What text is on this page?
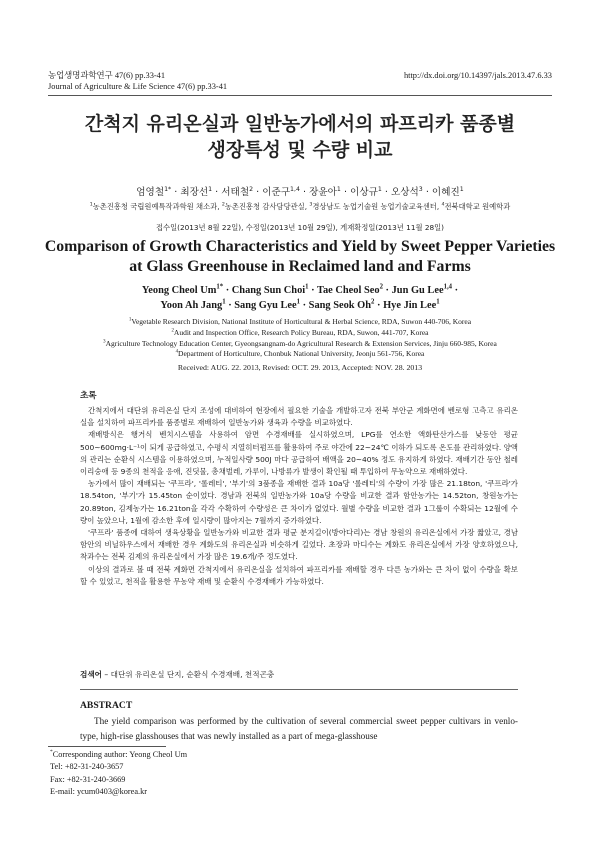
농업생명과학연구 47(6) pp.33-41	http://dx.doi.org/10.14397/jals.2013.47.6.33
Journal of Agriculture & Life Science 47(6) pp.33-41
간척지 유리온실과 일반농가에서의 파프리카 품종별
생장특성 및 수량 비교
엄영철$^{1*}$ · 최장선$^1$ · 서태철$^2$ · 이준구$^{1,4}$ · 장윤아$^1$ · 이상규$^1$ · 오상석$^3$ · 이혜진$^1$
$^1$농촌진흥청 국립원예특작과학원 채소과, $^2$농촌진흥청 감사담당관실, $^3$경상남도 농업기술원 농업기술교육센터, $^4$전북대학교 원예학과
접수일(2013년 8월 22일), 수정일(2013년 10월 29일), 게재확정일(2013년 11월 28일)
Comparison of Growth Characteristics and Yield by Sweet Pepper Varieties
at Glass Greenhouse in Reclaimed land and Farms
Yeong Cheol $Um^{1*}$ · Chang Sun Choi$^1$ · Tae Cheol Seo$^2$ · Jun Gu Lee$^{1,4}$ ·
Yoon Ah Jang$^1$ · Sang Gyu Lee$^1$ · Sang Seok $Oh^2$ · Hye Jin Lee$^1$
$^1$Vegetable Research Division, National Institute of Horticultural & Herbal Science, RDA, Suwon 440-706, Korea
$^2$Audit and Inspection Office, Research Policy Bureau, RDA, Suwon, 441-707, Korea
$^3$Agriculture Technology Education Center, Gyeongsangnam-do Agricultural Research & Extension Services, Jinju 660-985, Korea
$^4$Department of Horticulture, Chonbuk National University, Jeonju 561-756, Korea
Received: AUG. 22. 2013, Revised: OCT. 29. 2013, Accepted: NOV. 28. 2013
초록

간척지에서 대단위 유리온실 단지 조성에 대비하여 현장에서 필요한 기술을 개발하고자 전북 부안군 계화면에 벤로형 고측고 유리온실을 설치하여 파프리카를 품종별로 재배하여 일반농가와 생육과 수량을 비교하였다.

재배방식은 행거식 벤치시스템을 사용하여 암면 수경재배를 실시하였으며, LPG를 연소한 액화탄산가스를 낮동안 평균 500~600mg·L⁻¹이 되게 공급하였고, 수평식 지열히터펌프를 활용하여 주로 야간에 22~24℃ 이하가 되도록 온도를 관리하였다. 양액의 관리는 순환식 시스템을 이용하였으며, 누적일사량 500J 마다 공급하여 배액을 20~40% 정도 유지하게 하였다. 재배기간 동안 철레이리숭애 등 9종의 천적을 응애, 진딧물, 총채벌레, 가루이, 나방류가 발생이 확인될 때 투입하여 무농약으로 재배하였다.

농가에서 많이 재배되는 '쿠프라', '롤레티', '부기'의 3품종을 재배한 결과 10a당 '롤레티'의 수량이 가장 많은 21.18ton, '쿠프라'가 18.54ton, '부기'가 15.45ton 순이었다. 경남과 전북의 일반농가와 10a당 수량을 비교한 결과 함안농가는 14.52ton, 창원농가는 20.89ton, 김제농가는 16.21ton을 각각 수확하여 수량성은 큰 차이가 없었다. 월별 수량을 비교한 결과 1그룹이 수확되는 12월에 수량이 높았으나, 1월에 감소한 후에 일시량이 많아지는 7월까지 증가하였다.

'쿠프라' 품종에 대하여 생육상황을 일반농가와 비교한 결과 평균 분지길이(방아다리)는 경남 창원의 유리온실에서 가장 짧았고, 경남 함안의 비닐하우스에서 재배한 경우 계화도의 유리온실과 비슷하게 길었다. 초장과 마디수는 계화도 유리온실에서 가장 양호하였으나, 착과수는 전북 김제의 유리온실에서 가장 많은 19.6개/주 정도였다.

이상의 결과로 볼 때 전북 계화면 간척지에서 유리온실을 설치하여 파프리카를 재배할 경우 다른 농가와는 큰 차이 없이 수량을 확보할 수 있었고, 천적을 활용한 무농약 재배 및 순환식 수경재배가 가능하였다.

검색어 – 대단위 유리온실 단지, 순환식 수경재배, 천적곤충
ABSTRACT
The yield comparison was performed by the cultivation of several commercial sweet pepper cultivars in venlo-type, high-rise glasshouses that was newly installed as a part of mega-glasshouse
*Corresponding author: Yeong Cheol Um
Tel: +82-31-240-3657
Fax: +82-31-240-3669
E-mail: ycum0403@korea.kr
